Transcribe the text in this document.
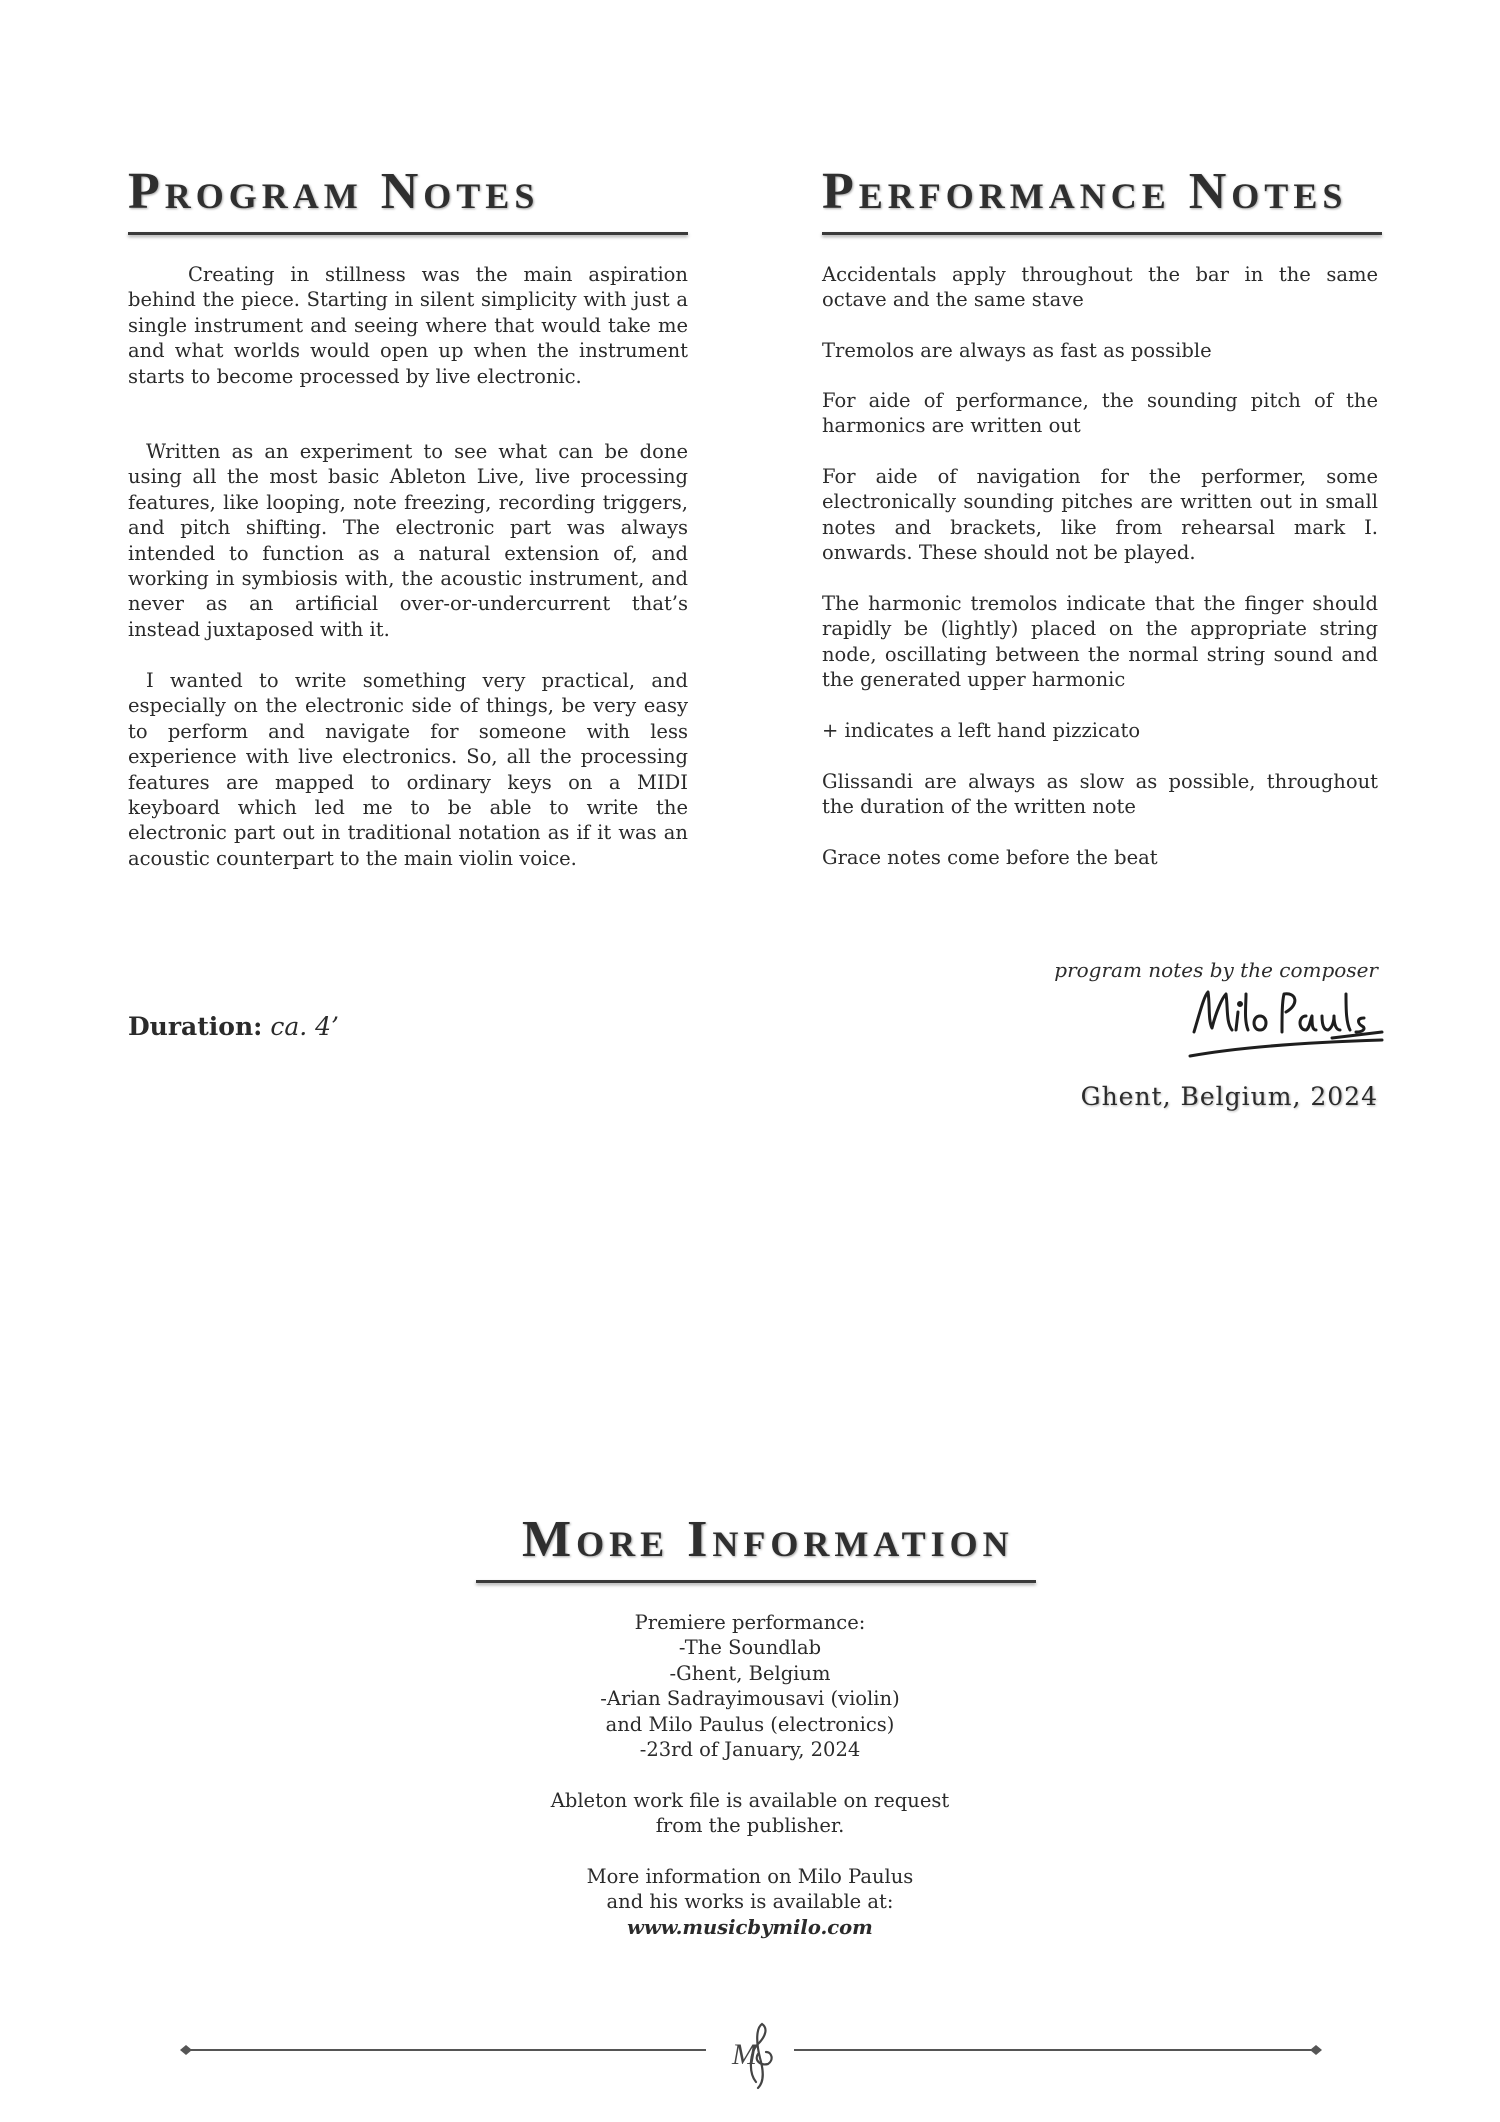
Program Notes

Creating in stillness was the main aspiration behind the piece. Starting in silent simplicity with just a single instrument and seeing where that would take me and what worlds would open up when the instrument starts to become processed by live electronic.

Written as an experiment to see what can be done using all the most basic Ableton Live, live processing features, like looping, note freezing, recording triggers, and pitch shifting. The electronic part was always intended to function as a natural extension of, and working in symbiosis with, the acoustic instrument, and never as an artificial over-or-undercurrent that’s instead juxtaposed with it.

I wanted to write something very practical, and especially on the electronic side of things, be very easy to perform and navigate for someone with less experience with live electronics. So, all the processing features are mapped to ordinary keys on a MIDI keyboard which led me to be able to write the electronic part out in traditional notation as if it was an acoustic counterpart to the main violin voice.

Performance Notes

Accidentals apply throughout the bar in the same octave and the same stave

Tremolos are always as fast as possible

For aide of performance, the sounding pitch of the harmonics are written out

For aide of navigation for the performer, some electronically sounding pitches are written out in small notes and brackets, like from rehearsal mark I. onwards. These should not be played.

The harmonic tremolos indicate that the finger should rapidly be (lightly) placed on the appropriate string node, oscillating between the normal string sound and the generated upper harmonic

+ indicates a left hand pizzicato

Glissandi are always as slow as possible, throughout the duration of the written note

Grace notes come before the beat

Duration: ca. 4’
program notes by the composer
Ghent, Belgium, 2024
More Information
Premiere performance:
-The Soundlab
-Ghent, Belgium
-Arian Sadrayimousavi (violin)
and Milo Paulus (electronics)
-23rd of January, 2024
Ableton work file is available on request
from the publisher.
More information on Milo Paulus
and his works is available at:
www.musicbymilo.com
M
